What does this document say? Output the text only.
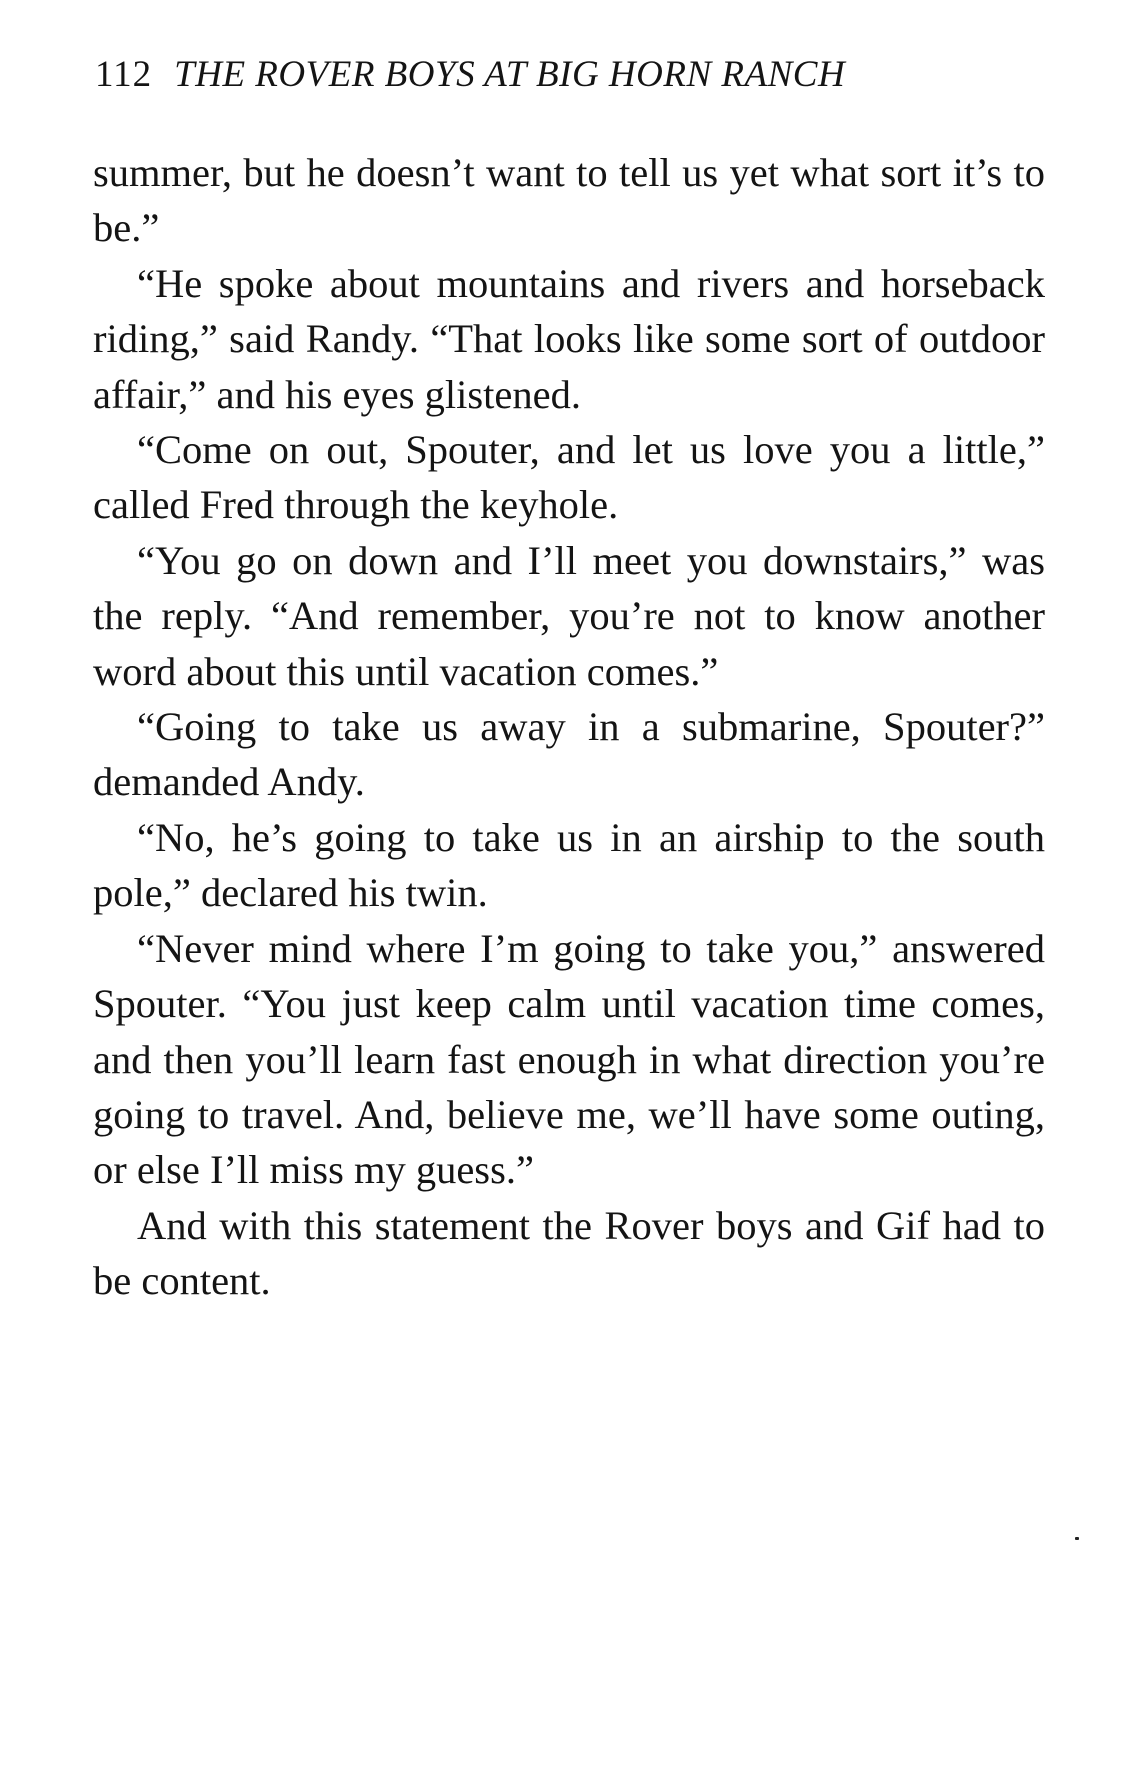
112 THE ROVER BOYS AT BIG HORN RANCH

summer, but he doesn’t want to tell us yet what sort it’s to be.”

“He spoke about mountains and rivers and horseback riding,” said Randy. “That looks like some sort of outdoor affair,” and his eyes glistened.

“Come on out, Spouter, and let us love you a little,” called Fred through the keyhole.

“You go on down and I’ll meet you downstairs,” was the reply. “And remember, you’re not to know another word about this until vacation comes.”

“Going to take us away in a submarine, Spouter?” demanded Andy.

“No, he’s going to take us in an airship to the south pole,” declared his twin.

“Never mind where I’m going to take you,” answered Spouter. “You just keep calm until vacation time comes, and then you’ll learn fast enough in what direction you’re going to travel. And, believe me, we’ll have some outing, or else I’ll miss my guess.”

And with this statement the Rover boys and Gif had to be content.
